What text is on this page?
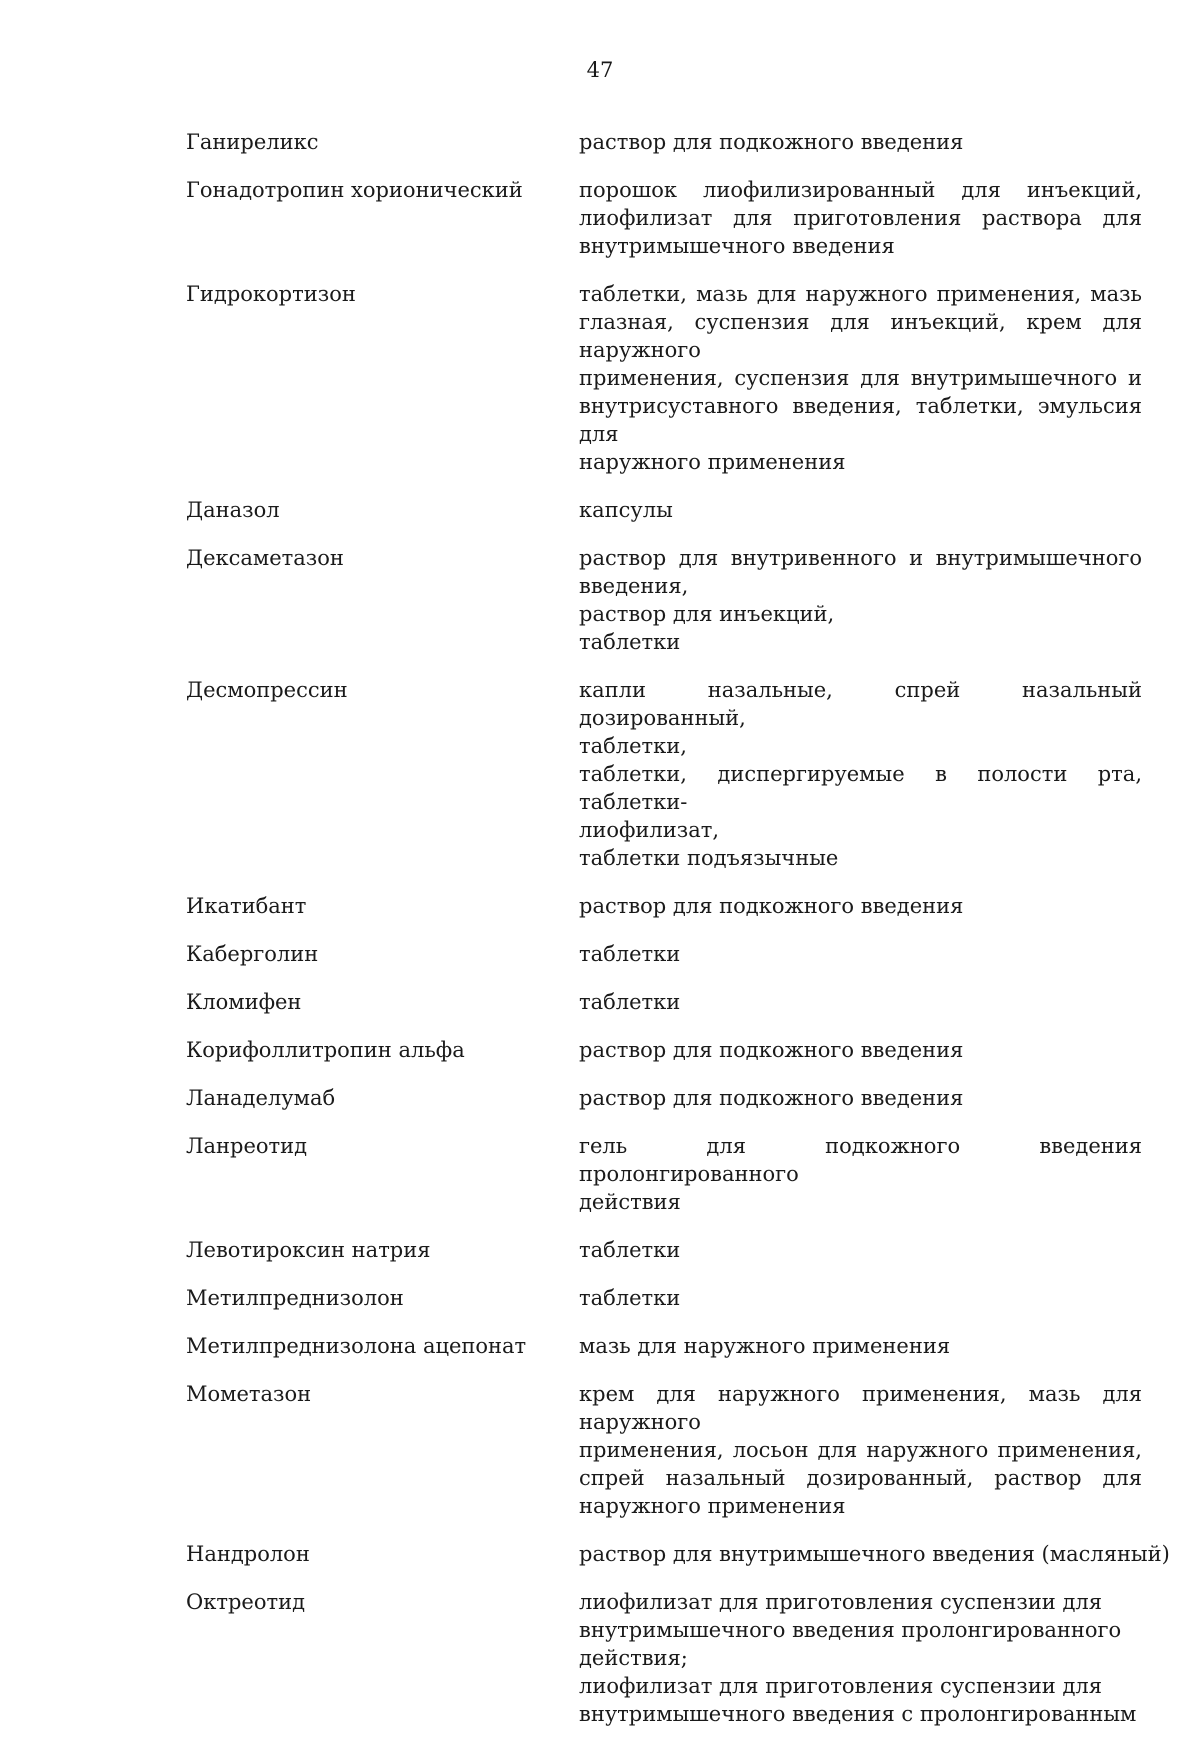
47
Ганиреликс	раствор для подкожного введения
Гонадотропин хорионический	порошок лиофилизированный для инъекций,
лиофилизат для приготовления раствора для
внутримышечного введения
Гидрокортизон	таблетки, мазь для наружного применения, мазь
глазная, суспензия для инъекций, крем для наружного
применения, суспензия для внутримышечного и
внутрисуставного введения, таблетки, эмульсия для
наружного применения
Даназол	капсулы
Дексаметазон	раствор для внутривенного и внутримышечного
введения,
раствор для инъекций,
таблетки
Десмопрессин	капли назальные, спрей назальный дозированный,
таблетки,
таблетки, диспергируемые в полости рта, таблетки-
лиофилизат,
таблетки подъязычные
Икатибант	раствор для подкожного введения
Каберголин	таблетки
Кломифен	таблетки
Корифоллитропин альфа	раствор для подкожного введения
Ланаделумаб	раствор для подкожного введения
Ланреотид	гель для подкожного введения пролонгированного
действия
Левотироксин натрия	таблетки
Метилпреднизолон	таблетки
Метилпреднизолона ацепонат	мазь для наружного применения
Мометазон	крем для наружного применения, мазь для наружного
применения, лосьон для наружного применения,
спрей назальный дозированный, раствор для
наружного применения
Нандролон	раствор для внутримышечного введения (масляный)
Октреотид	лиофилизат для приготовления суспензии для
внутримышечного введения пролонгированного
действия;
лиофилизат для приготовления суспензии для
внутримышечного введения с пролонгированным
